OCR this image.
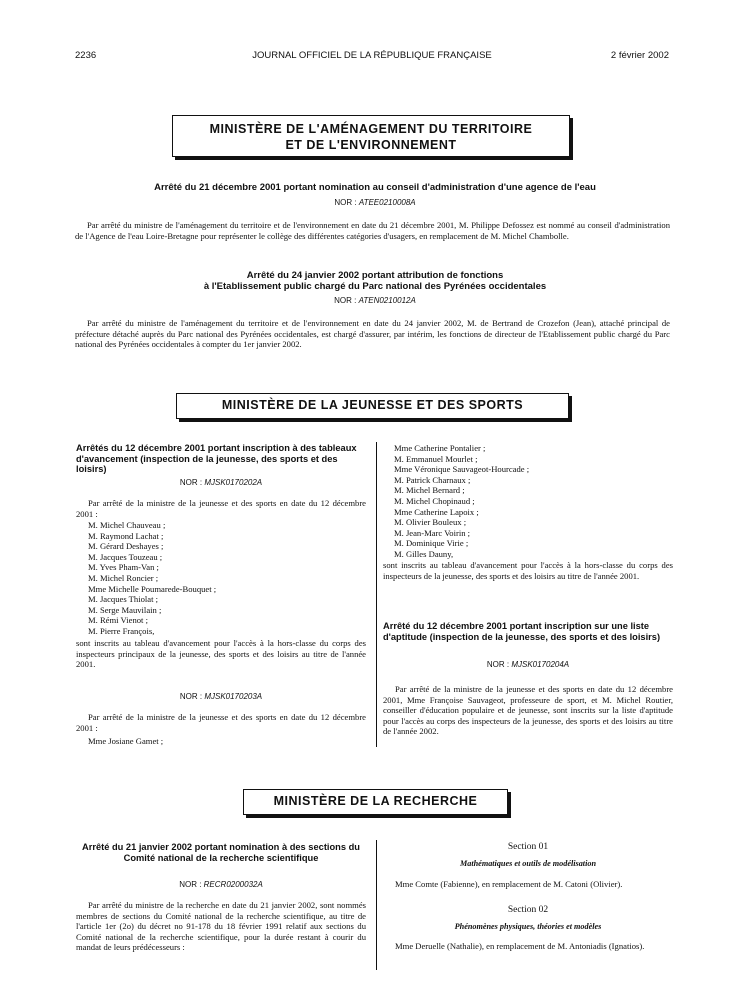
2236	JOURNAL OFFICIEL DE LA RÉPUBLIQUE FRANÇAISE	2 février 2002
MINISTÈRE DE L'AMÉNAGEMENT DU TERRITOIRE
ET DE L'ENVIRONNEMENT
Arrêté du 21 décembre 2001 portant nomination au conseil d'administration d'une agence de l'eau
NOR : ATEE0210008A
Par arrêté du ministre de l'aménagement du territoire et de l'environnement en date du 21 décembre 2001, M. Philippe Defossez est nommé au conseil d'administration de l'Agence de l'eau Loire-Bretagne pour représenter le collège des différentes catégories d'usagers, en remplacement de M. Michel Chambolle.
Arrêté du 24 janvier 2002 portant attribution de fonctions
à l'Etablissement public chargé du Parc national des Pyrénées occidentales
NOR : ATEN0210012A
Par arrêté du ministre de l'aménagement du territoire et de l'environnement en date du 24 janvier 2002, M. de Bertrand de Crozefon (Jean), attaché principal de préfecture détaché auprès du Parc national des Pyrénées occidentales, est chargé d'assurer, par intérim, les fonctions de directeur de l'Etablissement public chargé du Parc national des Pyrénées occidentales à compter du 1er janvier 2002.
MINISTÈRE DE LA JEUNESSE ET DES SPORTS
Arrêtés du 12 décembre 2001 portant inscription à des tableaux d'avancement (inspection de la jeunesse, des sports et des loisirs)
NOR : MJSK0170202A
Par arrêté de la ministre de la jeunesse et des sports en date du 12 décembre 2001 :
M. Michel Chauveau ;
M. Raymond Lachat ;
M. Gérard Deshayes ;
M. Jacques Touzeau ;
M. Yves Pham-Van ;
M. Michel Roncier ;
Mme Michelle Poumarede-Bouquet ;
M. Jacques Thiolat ;
M. Serge Mauvilain ;
M. Rémi Vienot ;
M. Pierre François,
sont inscrits au tableau d'avancement pour l'accès à la hors-classe du corps des inspecteurs principaux de la jeunesse, des sports et des loisirs au titre de l'année 2001.
NOR : MJSK0170203A
Par arrêté de la ministre de la jeunesse et des sports en date du 12 décembre 2001 :
Mme Josiane Gamet ;
Mme Catherine Pontalier ;
M. Emmanuel Mourlet ;
Mme Véronique Sauvageot-Hourcade ;
M. Patrick Charnaux ;
M. Michel Bernard ;
M. Michel Chopinaud ;
Mme Catherine Lapoix ;
M. Olivier Bouleux ;
M. Jean-Marc Voirin ;
M. Dominique Virie ;
M. Gilles Dauny,
sont inscrits au tableau d'avancement pour l'accès à la hors-classe du corps des inspecteurs de la jeunesse, des sports et des loisirs au titre de l'année 2001.
Arrêté du 12 décembre 2001 portant inscription sur une liste d'aptitude (inspection de la jeunesse, des sports et des loisirs)
NOR : MJSK0170204A
Par arrêté de la ministre de la jeunesse et des sports en date du 12 décembre 2001, Mme Françoise Sauvageot, professeure de sport, et M. Michel Routier, conseiller d'éducation populaire et de jeunesse, sont inscrits sur la liste d'aptitude pour l'accès au corps des inspecteurs de la jeunesse, des sports et des loisirs au titre de l'année 2002.
MINISTÈRE DE LA RECHERCHE
Arrêté du 21 janvier 2002 portant nomination à des sections du Comité national de la recherche scientifique
NOR : RECR0200032A
Par arrêté du ministre de la recherche en date du 21 janvier 2002, sont nommés membres de sections du Comité national de la recherche scientifique, au titre de l'article 1er (2o) du décret no 91-178 du 18 février 1991 relatif aux sections du Comité national de la recherche scientifique, pour la durée restant à courir du mandat de leurs prédécesseurs :
Section 01
Mathématiques et outils de modélisation
Mme Comte (Fabienne), en remplacement de M. Catoni (Olivier).
Section 02
Phénomènes physiques, théories et modèles
Mme Deruelle (Nathalie), en remplacement de M. Antoniadis (Ignatios).
